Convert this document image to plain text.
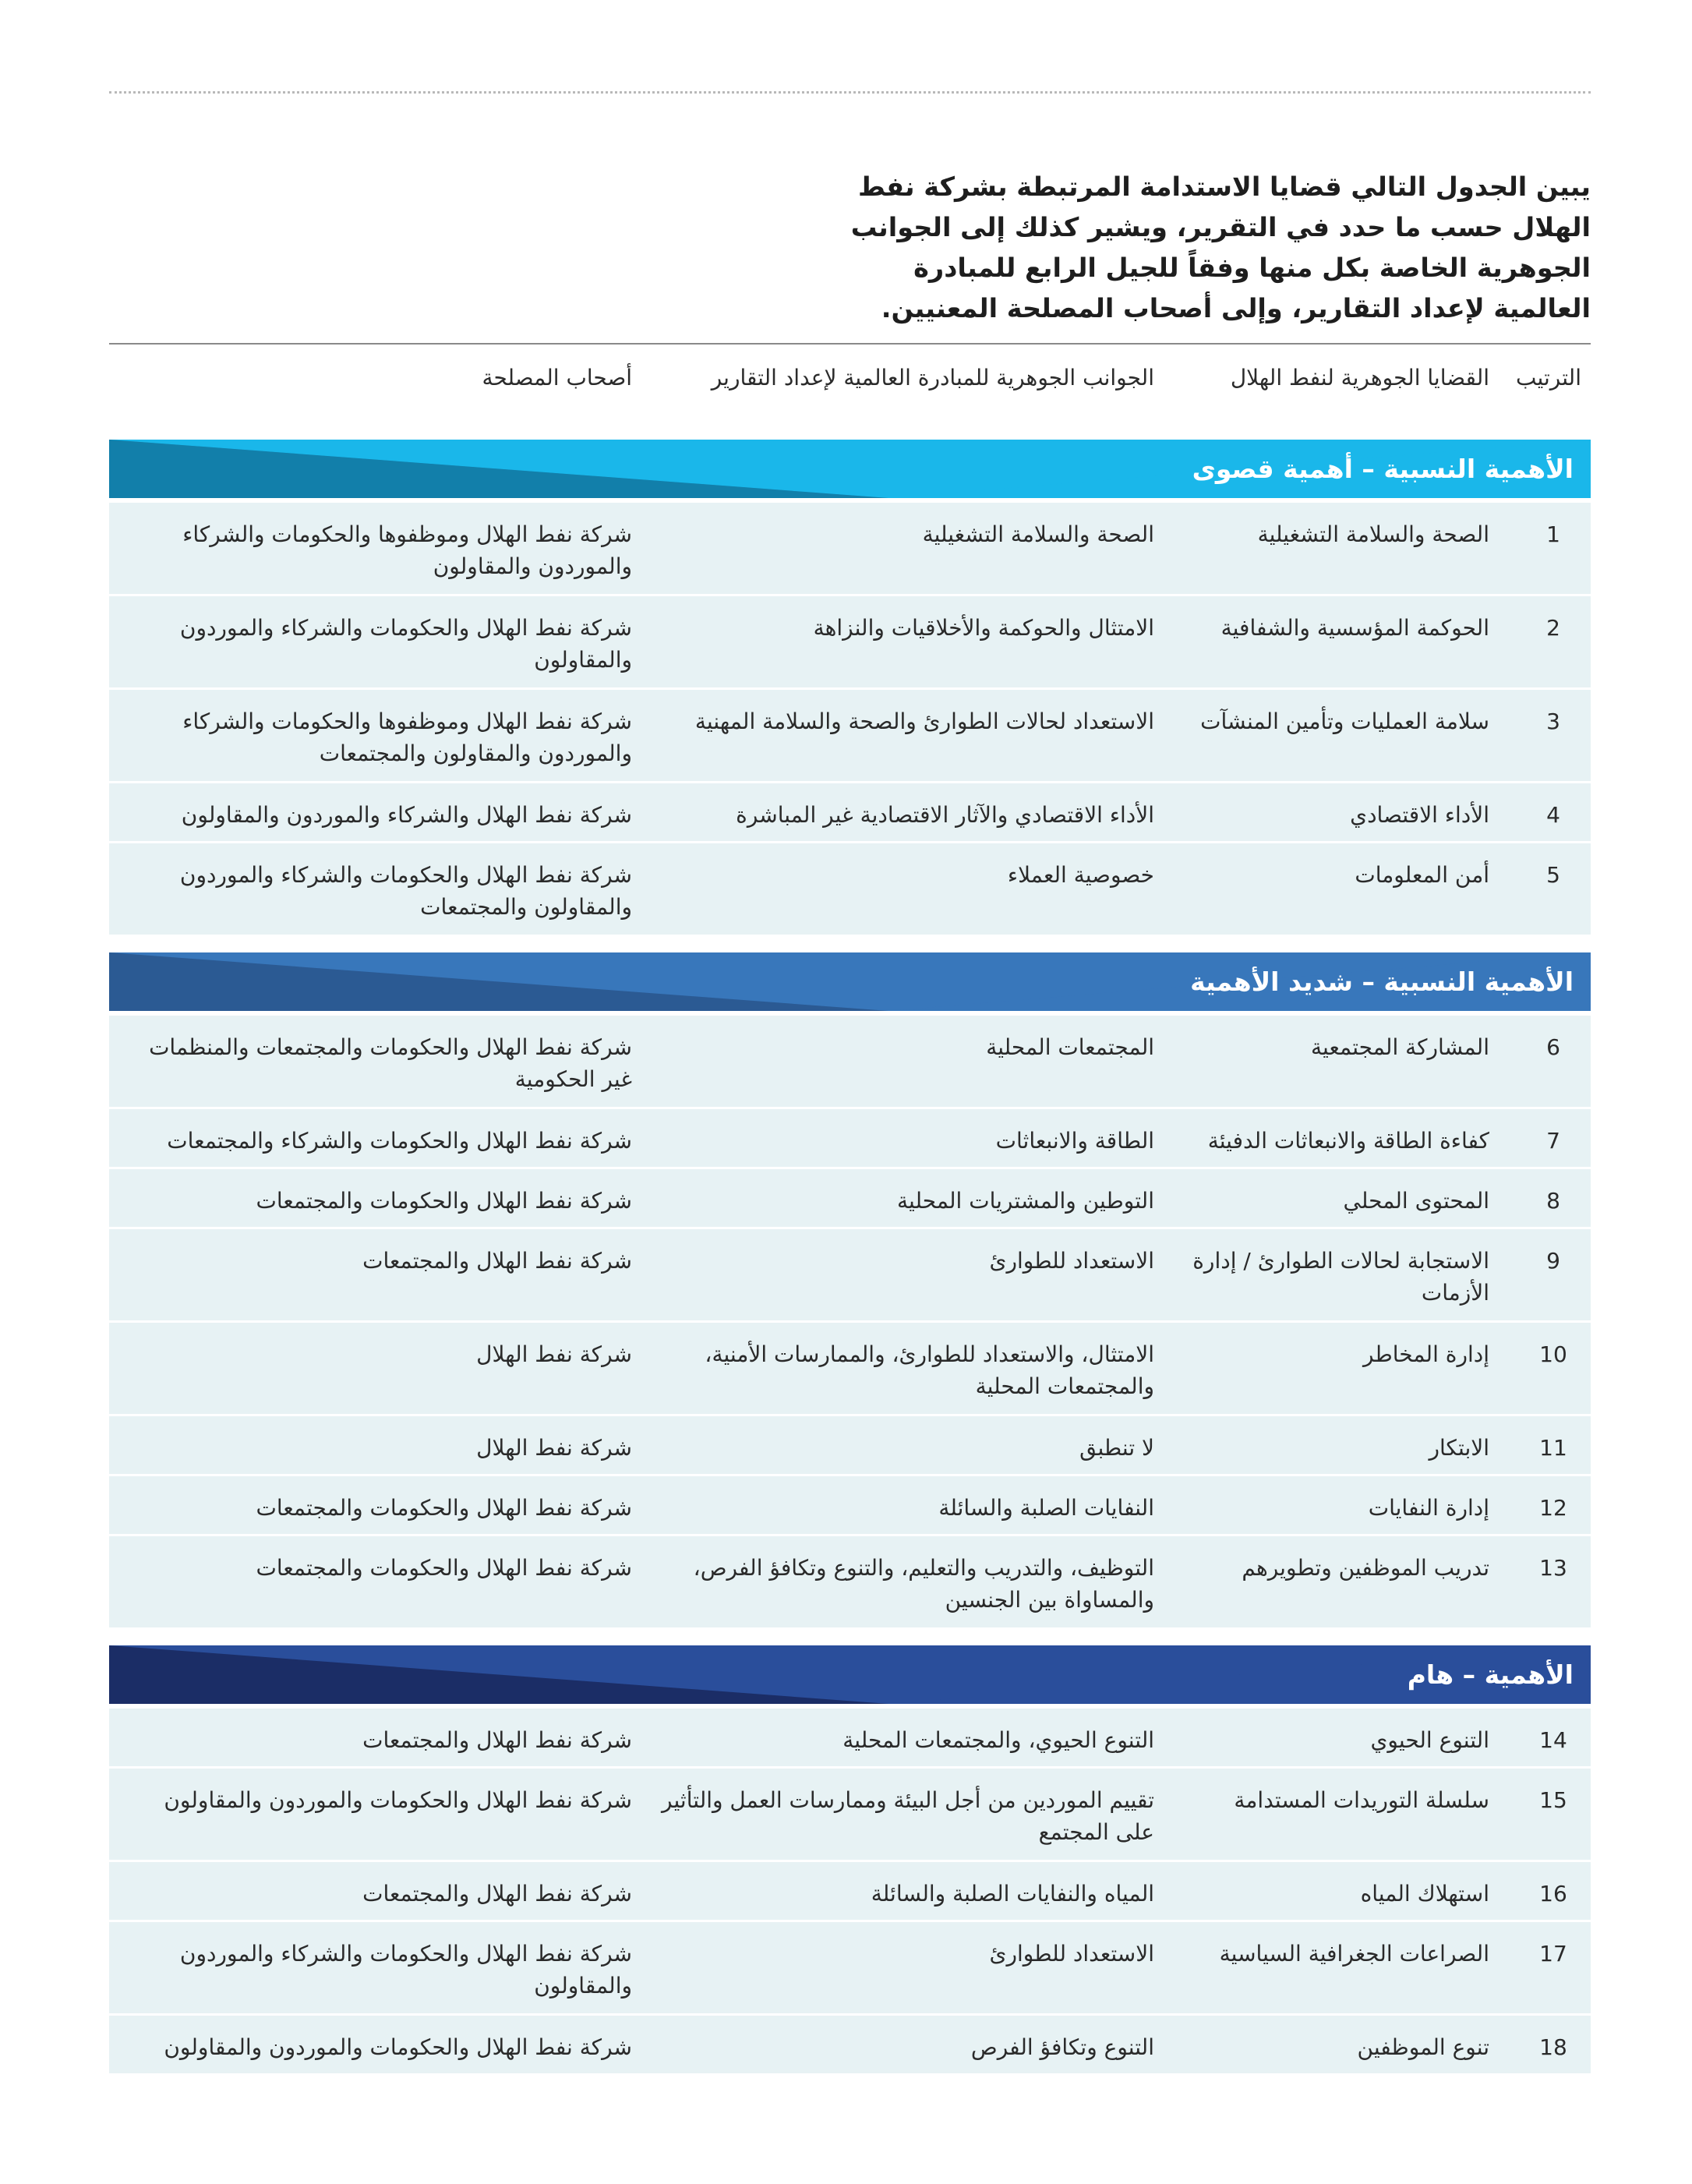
يبين الجدول التالي قضايا الاستدامة المرتبطة بشركة نفط الهلال حسب ما حدد في التقرير، ويشير كذلك إلى الجوانب الجوهرية الخاصة بكل منها وفقاً للجيل الرابع للمبادرة العالمية لإعداد التقارير، وإلى أصحاب المصلحة المعنيين.

الترتيب
القضايا الجوهرية لنفط الهلال
الجوانب الجوهرية للمبادرة العالمية لإعداد التقارير
أصحاب المصلحة
الأهمية النسبية – أهمية قصوى
1
الصحة والسلامة التشغيلية
الصحة والسلامة التشغيلية
شركة نفط الهلال وموظفوها والحكومات والشركاء والموردون والمقاولون
2
الحوكمة المؤسسية والشفافية
الامتثال والحوكمة والأخلاقيات والنزاهة
شركة نفط الهلال والحكومات والشركاء والموردون والمقاولون
3
سلامة العمليات وتأمين المنشآت
الاستعداد لحالات الطوارئ والصحة والسلامة المهنية
شركة نفط الهلال وموظفوها والحكومات والشركاء والموردون والمقاولون والمجتمعات
4
الأداء الاقتصادي
الأداء الاقتصادي والآثار الاقتصادية غير المباشرة
شركة نفط الهلال والشركاء والموردون والمقاولون
5
أمن المعلومات
خصوصية العملاء
شركة نفط الهلال والحكومات والشركاء والموردون والمقاولون والمجتمعات
الأهمية النسبية – شديد الأهمية
6
المشاركة المجتمعية
المجتمعات المحلية
شركة نفط الهلال والحكومات والمجتمعات والمنظمات غير الحكومية
7
كفاءة الطاقة والانبعاثات الدفيئة
الطاقة والانبعاثات
شركة نفط الهلال والحكومات والشركاء والمجتمعات
8
المحتوى المحلي
التوطين والمشتريات المحلية
شركة نفط الهلال والحكومات والمجتمعات
9
الاستجابة لحالات الطوارئ / إدارة الأزمات
الاستعداد للطوارئ
شركة نفط الهلال والمجتمعات
10
إدارة المخاطر
الامتثال، والاستعداد للطوارئ، والممارسات الأمنية، والمجتمعات المحلية
شركة نفط الهلال
11
الابتكار
لا تنطبق
شركة نفط الهلال
12
إدارة النفايات
النفايات الصلبة والسائلة
شركة نفط الهلال والحكومات والمجتمعات
13
تدريب الموظفين وتطويرهم
التوظيف، والتدريب والتعليم، والتنوع وتكافؤ الفرص، والمساواة بين الجنسين
شركة نفط الهلال والحكومات والمجتمعات
الأهمية – هام
14
التنوع الحيوي
التنوع الحيوي، والمجتمعات المحلية
شركة نفط الهلال والمجتمعات
15
سلسلة التوريدات المستدامة
تقييم الموردين من أجل البيئة وممارسات العمل والتأثير على المجتمع
شركة نفط الهلال والحكومات والموردون والمقاولون
16
استهلاك المياه
المياه والنفايات الصلبة والسائلة
شركة نفط الهلال والمجتمعات
17
الصراعات الجغرافية السياسية
الاستعداد للطوارئ
شركة نفط الهلال والحكومات والشركاء والموردون والمقاولون
18
تنوع الموظفين
التنوع وتكافؤ الفرص
شركة نفط الهلال والحكومات والموردون والمقاولون
